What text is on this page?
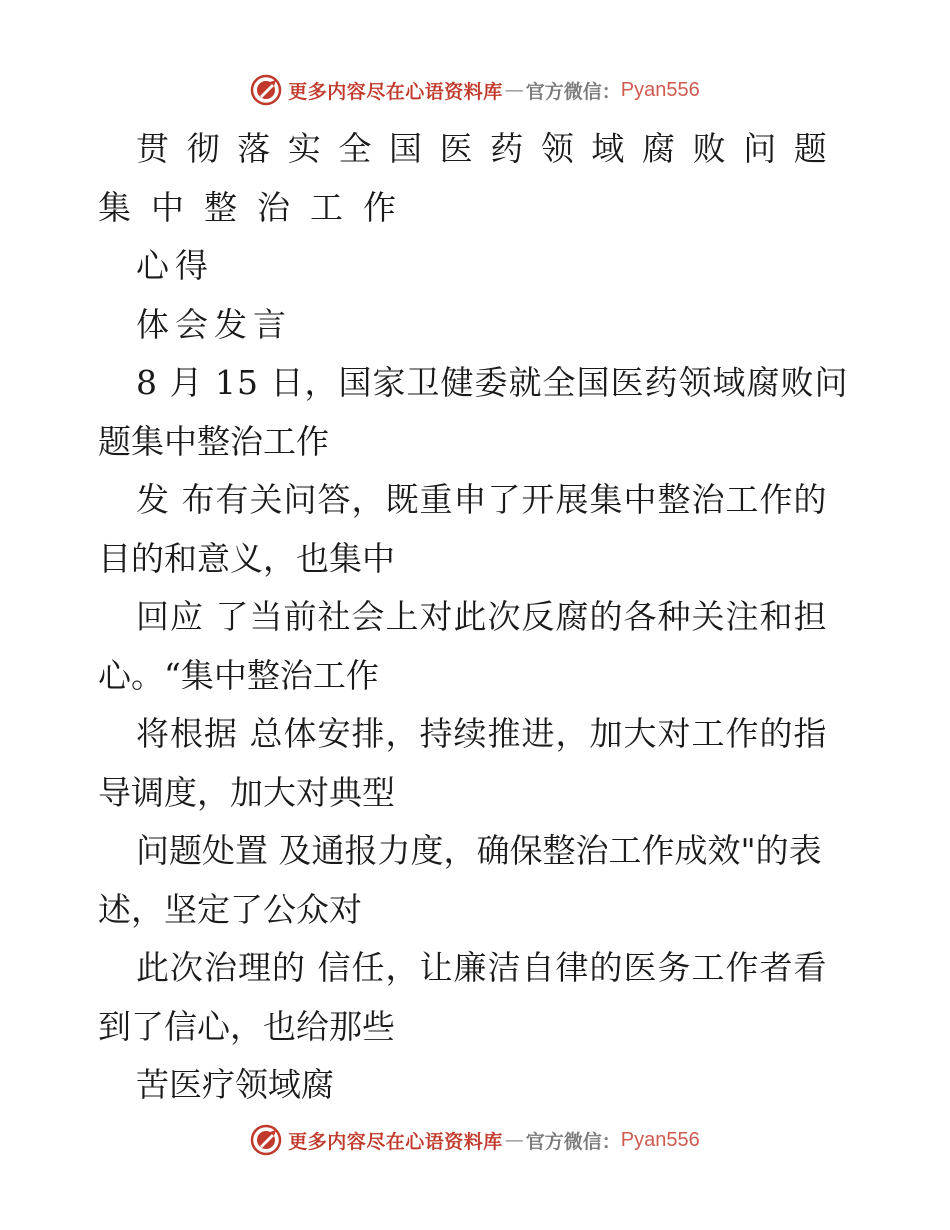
更多内容尽在心语资料库 — 官方微信： Pyan556
贯彻落实全国医药领域腐败问题
集中整治工作
心得
体会发言
8 月 15 日，国家卫健委就全国医药领域腐败问
题集中整治工作
发 布有关问答，既重申了开展集中整治工作的
目的和意义，也集中
回应 了当前社会上对此次反腐的各种关注和担
心。“集中整治工作
将根据 总体安排，持续推进，加大对工作的指
导调度，加大对典型
问题处置 及通报力度，确保整治工作成效"的表
述，坚定了公众对
此次治理的 信任，让廉洁自律的医务工作者看
到了信心，也给那些
苦医疗领域腐
更多内容尽在心语资料库 — 官方微信： Pyan556
